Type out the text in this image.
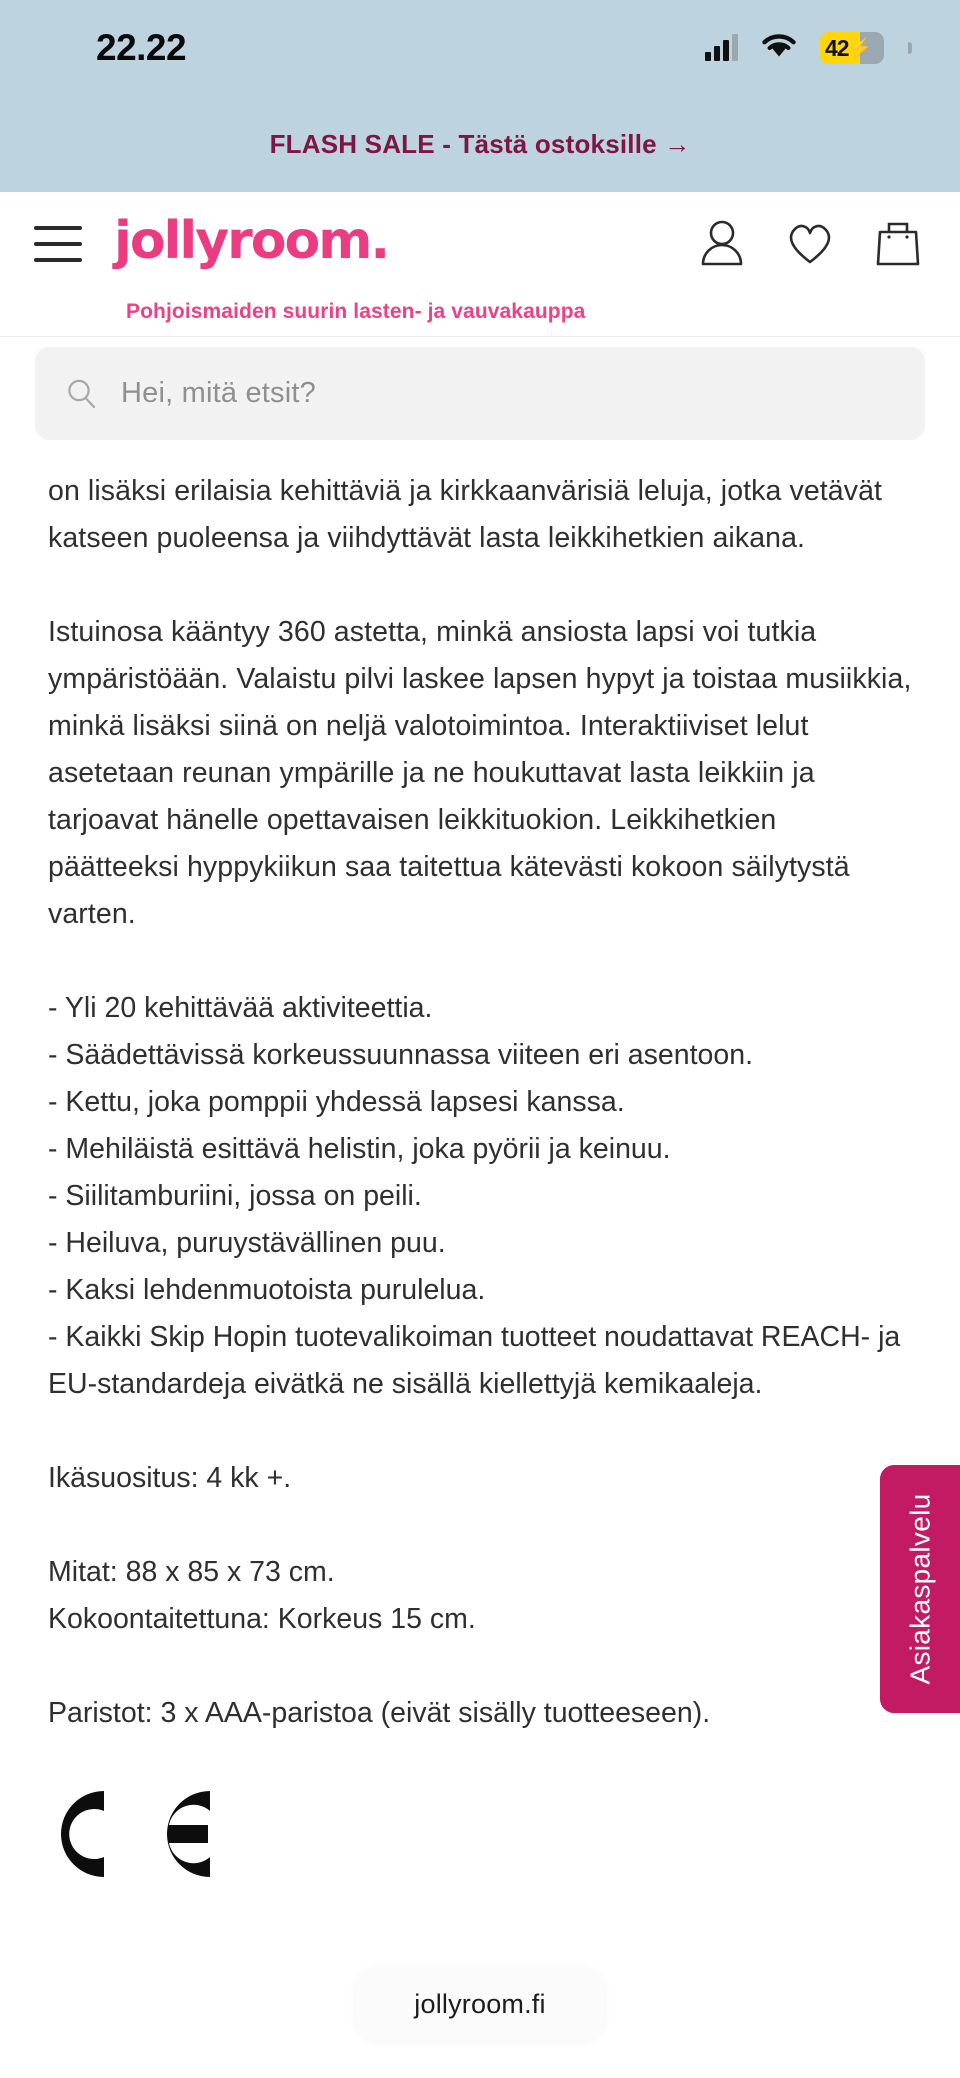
22.22	42 ⚡
FLASH SALE - Tästä ostoksille →
jollyroom.
Pohjoismaiden suurin lasten- ja vauvakauppa
Hei, mitä etsit?

on lisäksi erilaisia kehittäviä ja kirkkaanvärisiä leluja, jotka vetävät katseen puoleensa ja viihdyttävät lasta leikkihetkien aikana.

Istuinosa kääntyy 360 astetta, minkä ansiosta lapsi voi tutkia ympäristöään. Valaistu pilvi laskee lapsen hypyt ja toistaa musiikkia, minkä lisäksi siinä on neljä valotoimintoa. Interaktiiviset lelut asetetaan reunan ympärille ja ne houkuttavat lasta leikkiin ja tarjoavat hänelle opettavaisen leikkituokion. Leikkihetkien päätteeksi hyppykiikun saa taitettua kätevästi kokoon säilytystä varten.

- Yli 20 kehittävää aktiviteettia.
- Säädettävissä korkeussuunnassa viiteen eri asentoon.
- Kettu, joka pomppii yhdessä lapsesi kanssa.
- Mehiläistä esittävä helistin, joka pyörii ja keinuu.
- Siilitamburiini, jossa on peili.
- Heiluva, puruystävällinen puu.
- Kaksi lehdenmuotoista purulelua.
- Kaikki Skip Hopin tuotevalikoiman tuotteet noudattavat REACH- ja EU-standardeja eivätkä ne sisällä kiellettyjä kemikaaleja.
Ikäsuositus: 4 kk +.
Mitat: 88 x 85 x 73 cm.
Kokoontaitettuna: Korkeus 15 cm.
Paristot: 3 x AAA-paristoa (eivät sisälly tuotteeseen).
Asiakaspalvelu
jollyroom.fi
